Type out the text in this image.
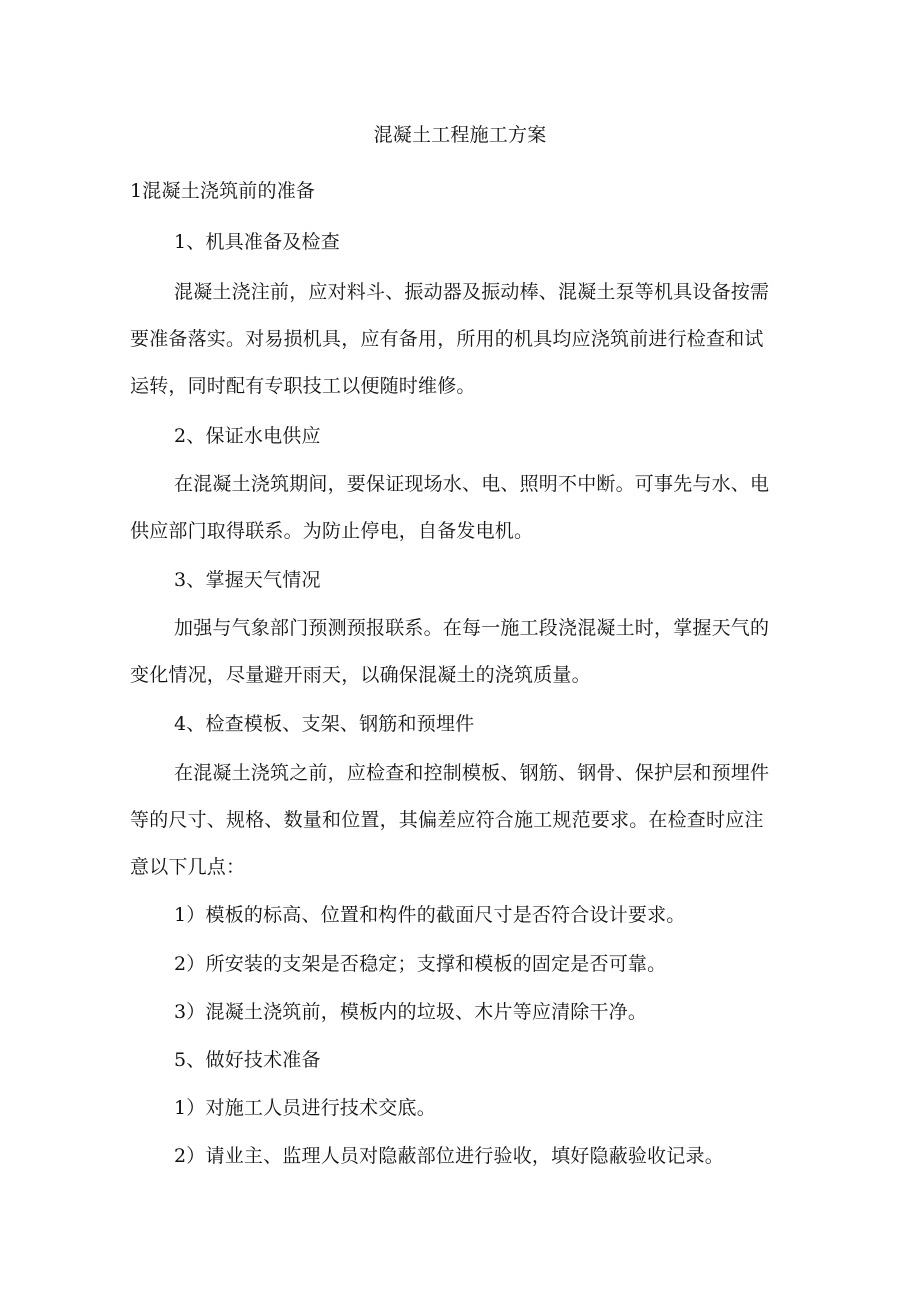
混凝土工程施工方案
1混凝土浇筑前的准备
1、机具准备及检查
混凝土浇注前，应对料斗、振动器及振动棒、混凝土泵等机具设备按需
要准备落实。对易损机具，应有备用，所用的机具均应浇筑前进行检查和试
运转，同时配有专职技工以便随时维修。
2、保证水电供应
在混凝土浇筑期间，要保证现场水、电、照明不中断。可事先与水、电
供应部门取得联系。为防止停电，自备发电机。
3、掌握天气情况
加强与气象部门预测预报联系。在每一施工段浇混凝土时，掌握天气的
变化情况，尽量避开雨天，以确保混凝土的浇筑质量。
4、检查模板、支架、钢筋和预埋件
在混凝土浇筑之前，应检查和控制模板、钢筋、钢骨、保护层和预埋件
等的尺寸、规格、数量和位置，其偏差应符合施工规范要求。在检查时应注
意以下几点：
1）模板的标高、位置和构件的截面尺寸是否符合设计要求。
2）所安装的支架是否稳定；支撑和模板的固定是否可靠。
3）混凝土浇筑前，模板内的垃圾、木片等应清除干净。
5、做好技术准备
1）对施工人员进行技术交底。
2）请业主、监理人员对隐蔽部位进行验收，填好隐蔽验收记录。
